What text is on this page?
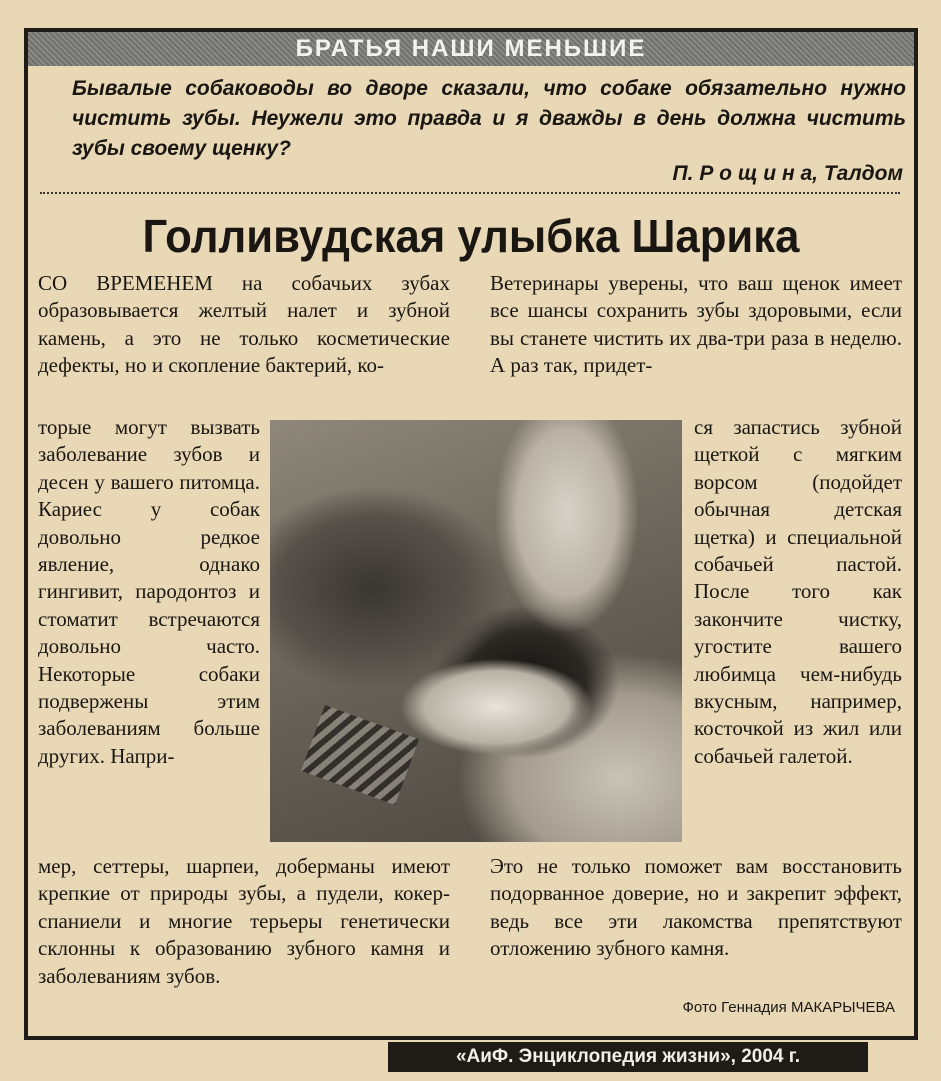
БРАТЬЯ НАШИ МЕНЬШИЕ
Бывалые собаководы во дворе сказали, что собаке обязательно нужно чистить зубы. Неужели это правда и я дважды в день должна чистить зубы своему щенку?
П. Р о щ и н а, Талдом
Голливудская улыбка Шарика

СО ВРЕМЕНЕМ на собачьих зубах образовывается желтый налет и зубной камень, а это не только косметические дефекты, но и скопление бактерий, ко-

торые могут вызвать заболевание зубов и десен у вашего питомца. Кариес у собак довольно редкое явление, однако гингивит, пародонтоз и стоматит встречаются довольно часто. Некоторые собаки подвержены этим заболеваниям больше других. Напри-

мер, сеттеры, шарпеи, доберманы имеют крепкие от природы зубы, а пудели, кокер-спаниели и многие терьеры генетически склонны к образованию зубного камня и заболеваниям зубов.

Ветеринары уверены, что ваш щенок имеет все шансы сохранить зубы здоровыми, если вы станете чистить их два-три раза в неделю. А раз так, придет-

ся запастись зубной щеткой с мягким ворсом (подойдет обычная детская щетка) и специальной собачьей пастой. После того как закончите чистку, угостите вашего любимца чем-нибудь вкусным, например, косточкой из жил или собачьей галетой.

Это не только поможет вам восстановить подорванное доверие, но и закрепит эффект, ведь все эти лакомства препятствуют отложению зубного камня.

Фото Геннадия МАКАРЫЧЕВА
«АиФ. Энциклопедия жизни», 2004 г.
